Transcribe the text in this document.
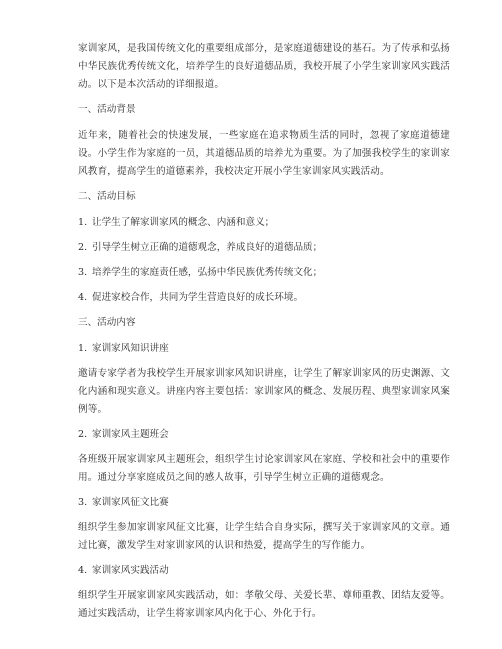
家训家风，是我国传统文化的重要组成部分，是家庭道德建设的基石。为了传承和弘扬中华民族优秀传统文化，培养学生的良好道德品质，我校开展了小学生家训家风实践活动。以下是本次活动的详细报道。

一、活动背景

近年来，随着社会的快速发展，一些家庭在追求物质生活的同时，忽视了家庭道德建设。小学生作为家庭的一员，其道德品质的培养尤为重要。为了加强我校学生的家训家风教育，提高学生的道德素养，我校决定开展小学生家训家风实践活动。

二、活动目标

1. 让学生了解家训家风的概念、内涵和意义；
2. 引导学生树立正确的道德观念，养成良好的道德品质；
3. 培养学生的家庭责任感，弘扬中华民族优秀传统文化；
4. 促进家校合作，共同为学生营造良好的成长环境。

三、活动内容

1. 家训家风知识讲座

邀请专家学者为我校学生开展家训家风知识讲座，让学生了解家训家风的历史渊源、文化内涵和现实意义。讲座内容主要包括：家训家风的概念、发展历程、典型家训家风案例等。

2. 家训家风主题班会

各班级开展家训家风主题班会，组织学生讨论家训家风在家庭、学校和社会中的重要作用。通过分享家庭成员之间的感人故事，引导学生树立正确的道德观念。

3. 家训家风征文比赛

组织学生参加家训家风征文比赛，让学生结合自身实际，撰写关于家训家风的文章。通过比赛，激发学生对家训家风的认识和热爱，提高学生的写作能力。

4. 家训家风实践活动

组织学生开展家训家风实践活动，如：孝敬父母、关爱长辈、尊师重教、团结友爱等。通过实践活动，让学生将家训家风内化于心、外化于行。
